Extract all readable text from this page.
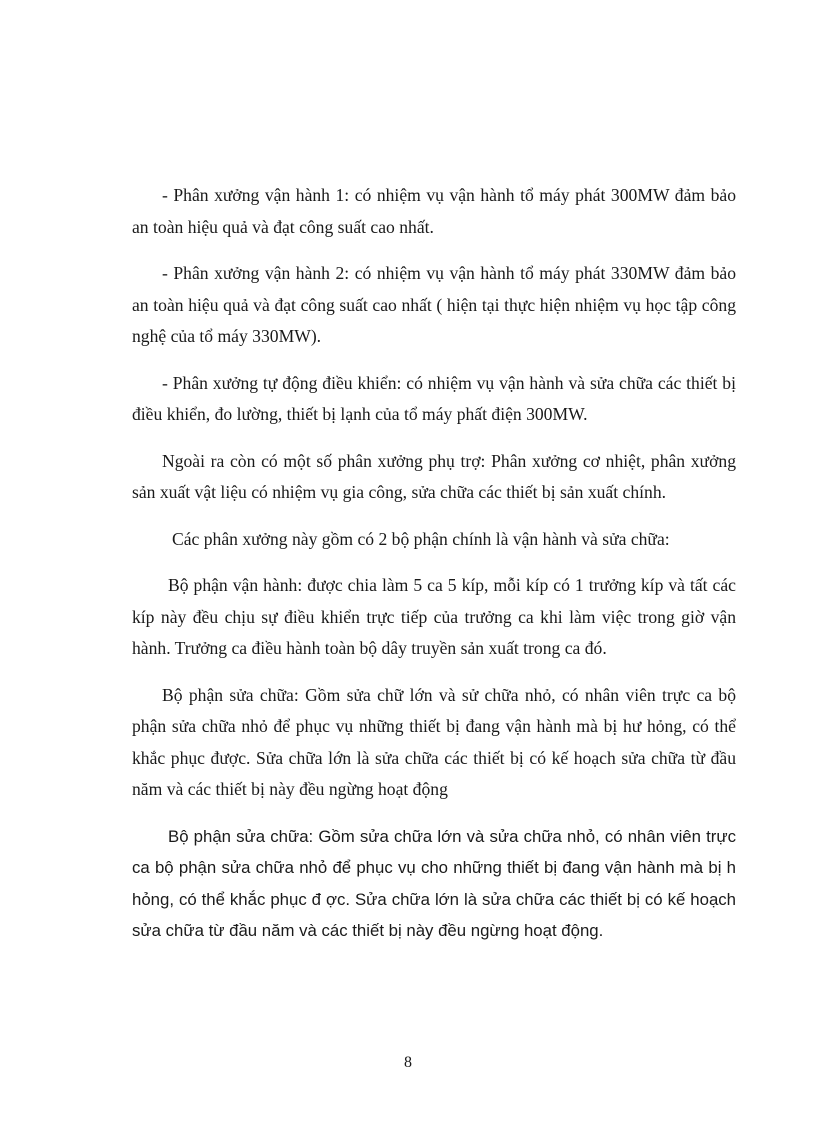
- Phân xưởng vận hành 1: có nhiệm vụ vận hành tổ máy phát 300MW đảm bảo an toàn hiệu quả và đạt công suất cao nhất.

- Phân xưởng vận hành 2: có nhiệm vụ vận hành tổ máy phát 330MW đảm bảo an toàn hiệu quả và đạt công suất cao nhất ( hiện tại thực hiện nhiệm vụ học tập công nghệ của tổ máy 330MW).

- Phân xưởng tự động điều khiển: có nhiệm vụ vận hành và sửa chữa các thiết bị điều khiển, đo lường, thiết bị lạnh của tổ máy phất điện 300MW.

Ngoài ra còn có một số phân xưởng phụ trợ: Phân xưởng cơ nhiệt, phân xưởng sản xuất vật liệu có nhiệm vụ gia công, sửa chữa các thiết bị sản xuất chính.

Các phân xưởng này gồm có 2 bộ phận chính là vận hành và sửa chữa:

Bộ phận vận hành: được chia làm 5 ca 5 kíp, mỗi kíp có 1 trưởng kíp và tất các kíp này đều chịu sự điều khiển trực tiếp của trưởng ca khi làm việc trong giờ vận hành. Trưởng ca điều hành toàn bộ dây truyền sản xuất trong ca đó.

Bộ phận sửa chữa: Gồm sửa chữ lớn và sử chữa nhỏ, có nhân viên trực ca bộ phận sửa chữa nhỏ để phục vụ những thiết bị đang vận hành mà bị hư hỏng, có thể khắc phục được. Sửa chữa lớn là sửa chữa các thiết bị có kế hoạch sửa chữa từ đầu năm và các thiết bị này đều ngừng hoạt động

Bộ phận sửa chữa: Gồm sửa chữa lớn và sửa chữa nhỏ, có nhân viên trực ca bộ phận sửa chữa nhỏ để phục vụ cho những thiết bị đang vận hành mà bị h hỏng, có thể khắc phục đ ợc. Sửa chữa lớn là sửa chữa các thiết bị có kế hoạch sửa chữa từ đầu năm và các thiết bị này đều ngừng hoạt động.

8
